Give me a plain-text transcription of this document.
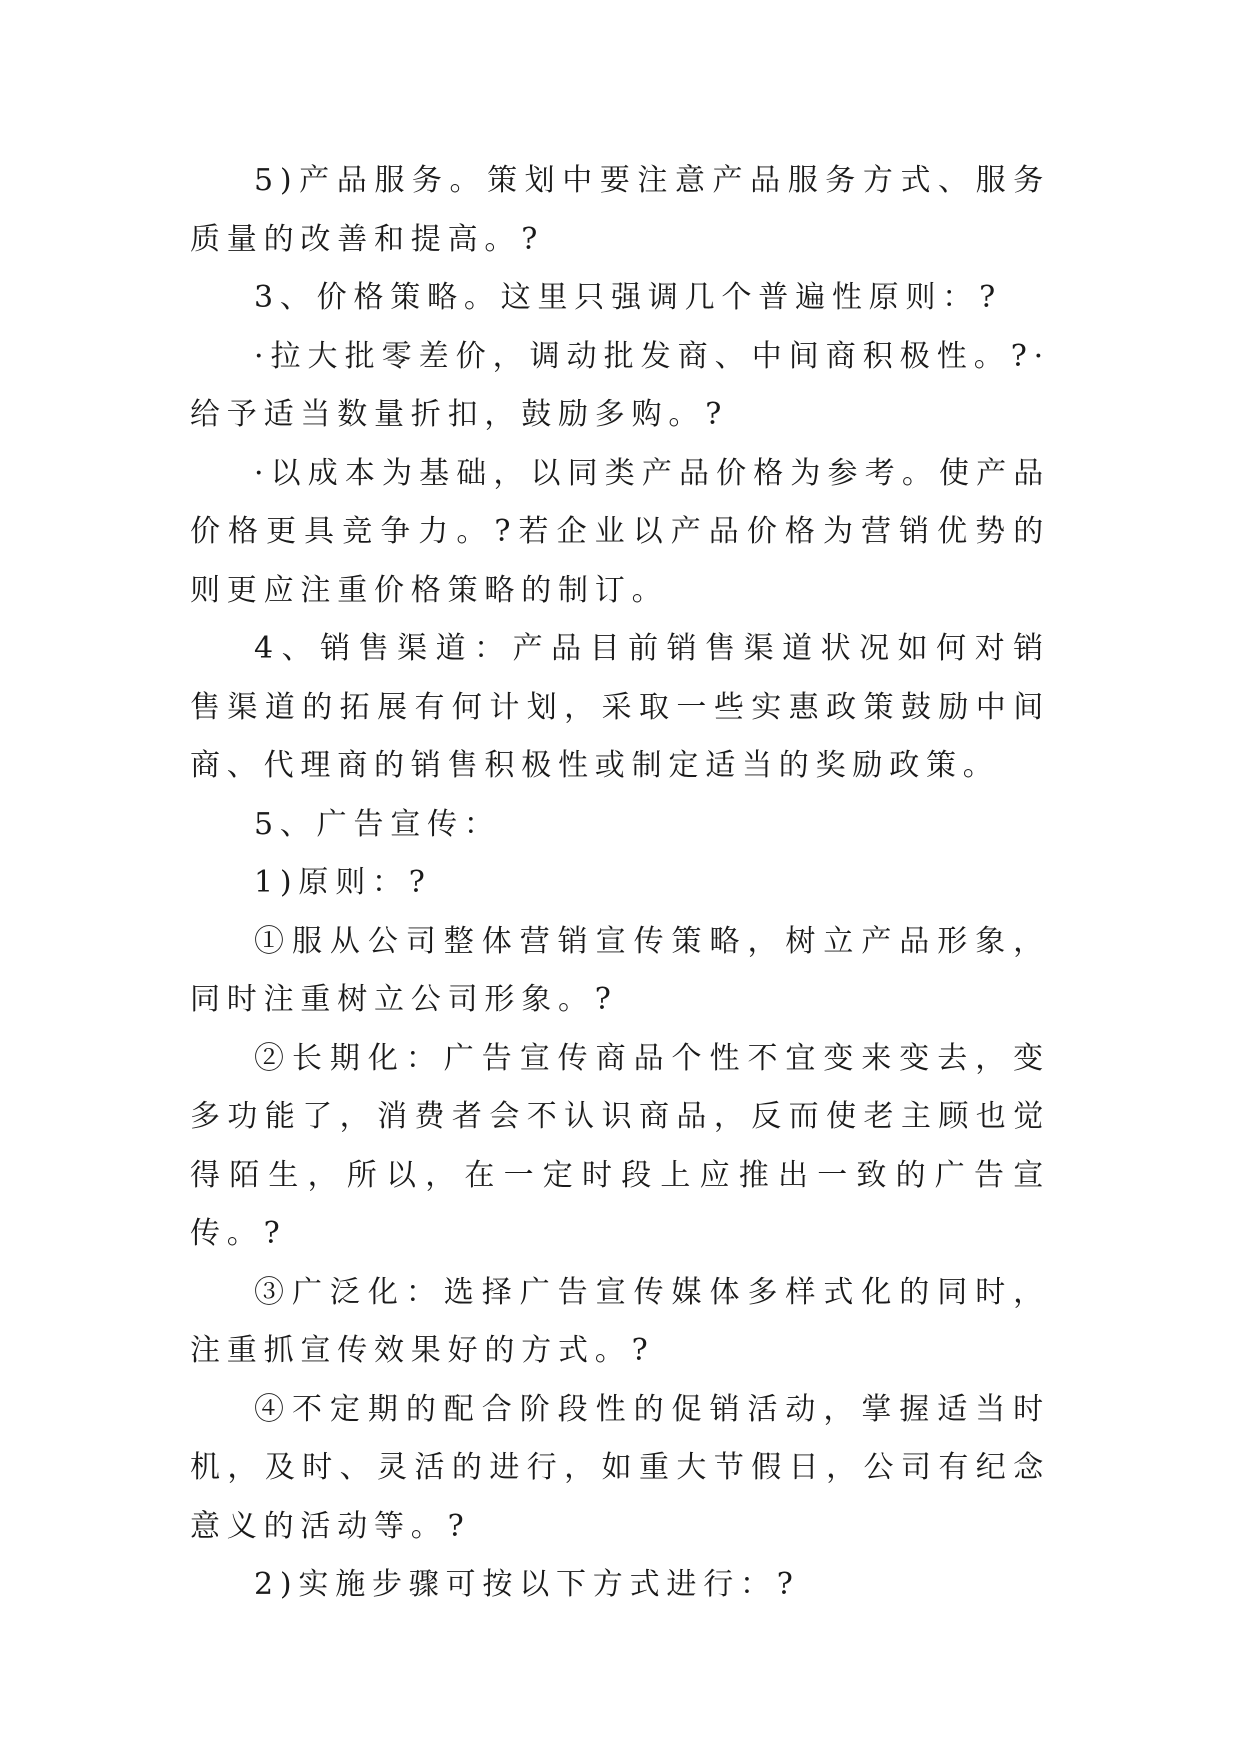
5)产品服务。策划中要注意产品服务方式、服务质量的改善和提高。?

3、价格策略。这里只强调几个普遍性原则：?

·拉大批零差价，调动批发商、中间商积极性。?·给予适当数量折扣，鼓励多购。?

·以成本为基础，以同类产品价格为参考。使产品价格更具竞争力。?若企业以产品价格为营销优势的则更应注重价格策略的制订。

4、销售渠道：产品目前销售渠道状况如何对销售渠道的拓展有何计划，采取一些实惠政策鼓励中间商、代理商的销售积极性或制定适当的奖励政策。

5、广告宣传：

1)原则：?

①服从公司整体营销宣传策略，树立产品形象，同时注重树立公司形象。?

②长期化：广告宣传商品个性不宜变来变去，变多功能了，消费者会不认识商品，反而使老主顾也觉得陌生，所以，在一定时段上应推出一致的广告宣传。?

③广泛化：选择广告宣传媒体多样式化的同时，注重抓宣传效果好的方式。?

④不定期的配合阶段性的促销活动，掌握适当时机，及时、灵活的进行，如重大节假日，公司有纪念意义的活动等。?

2)实施步骤可按以下方式进行：?
